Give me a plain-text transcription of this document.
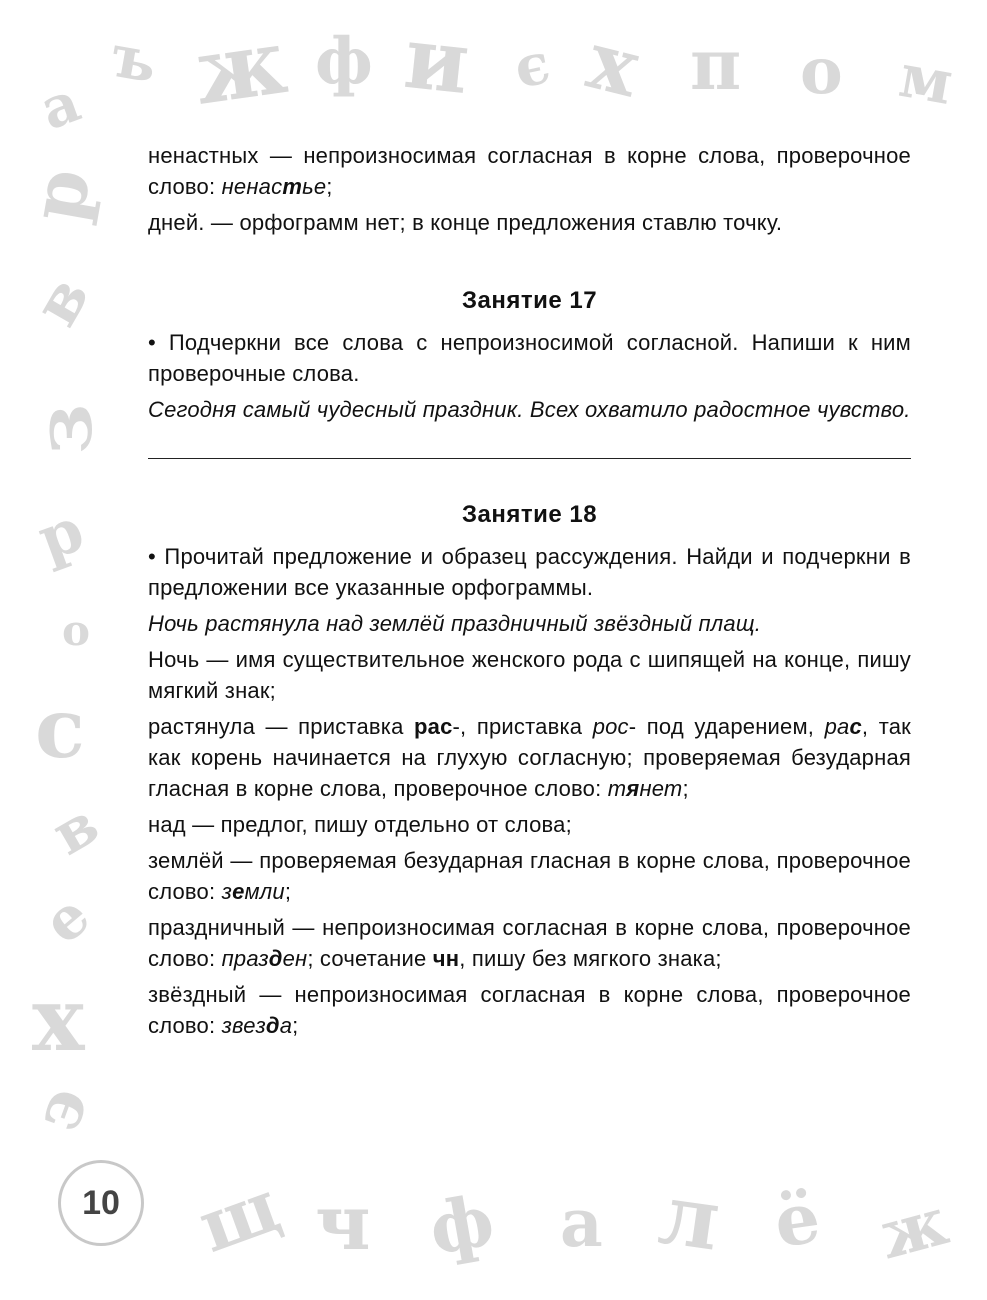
а
ъ ж ф и є х п о м
р
в
з
р
о
с
в
е
х
э
щ ч ф а л ё ж
10

ненастных — непроизносимая согласная в корне слова, проверочное слово: ненастье;

дней. — орфограмм нет; в конце предложения ставлю точку.

Занятие 17

• Подчеркни все слова с непроизносимой согласной. Напиши к ним проверочные слова.

Сегодня самый чудесный праздник. Всех охватило радостное чувство.

Занятие 18

• Прочитай предложение и образец рассуждения. Найди и подчеркни в предложении все указанные орфограммы.

Ночь растянула над землёй праздничный звёздный плащ.

Ночь — имя существительное женского рода с шипящей на конце, пишу мягкий знак;

растянула — приставка рас-, приставка рос- под ударением, рас, так как корень начинается на глухую согласную; проверяемая безударная гласная в корне слова, проверочное слово: тянет;

над — предлог, пишу отдельно от слова;

землёй — проверяемая безударная гласная в корне слова, проверочное слово: земли;

праздничный — непроизносимая согласная в корне слова, проверочное слово: празден; сочетание чн, пишу без мягкого знака;

звёздный — непроизносимая согласная в корне слова, проверочное слово: звезда;
